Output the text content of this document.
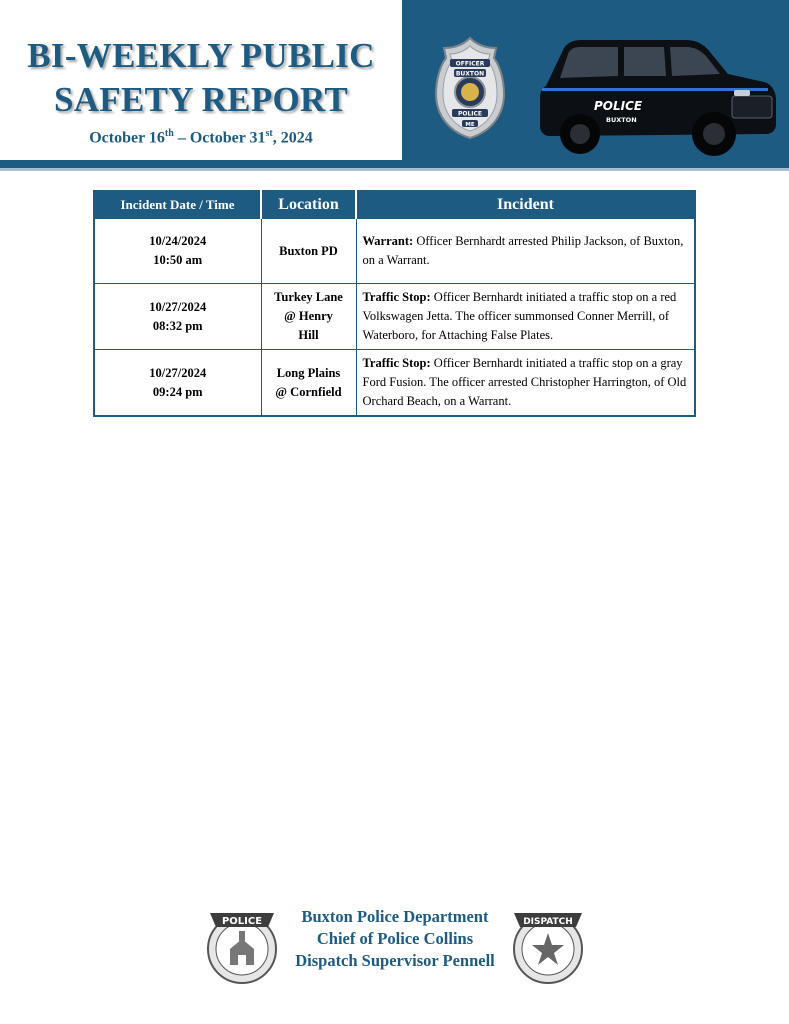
BI-WEEKLY PUBLIC
SAFETY REPORT
October 16th – October 31st, 2024
OFFICER
BUXTON
POLICE
ME
POLICE
BUXTON
Incident Date / Time	Location	Incident
10/24/2024
10:50 am	Buxton PD	Warrant: Officer Bernhardt arrested Philip Jackson, of Buxton, on a Warrant.
10/27/2024
08:32 pm	Turkey Lane
@ Henry
Hill	Traffic Stop: Officer Bernhardt initiated a traffic stop on a red Volkswagen Jetta. The officer summonsed Conner Merrill, of Waterboro, for Attaching False Plates.
10/27/2024
09:24 pm	Long Plains
@ Cornfield	Traffic Stop: Officer Bernhardt initiated a traffic stop on a gray Ford Fusion. The officer arrested Christopher Harrington, of Old Orchard Beach, on a Warrant.
POLICE	Buxton Police Department
Chief of Police Collins
Dispatch Supervisor Pennell
DISPATCH
